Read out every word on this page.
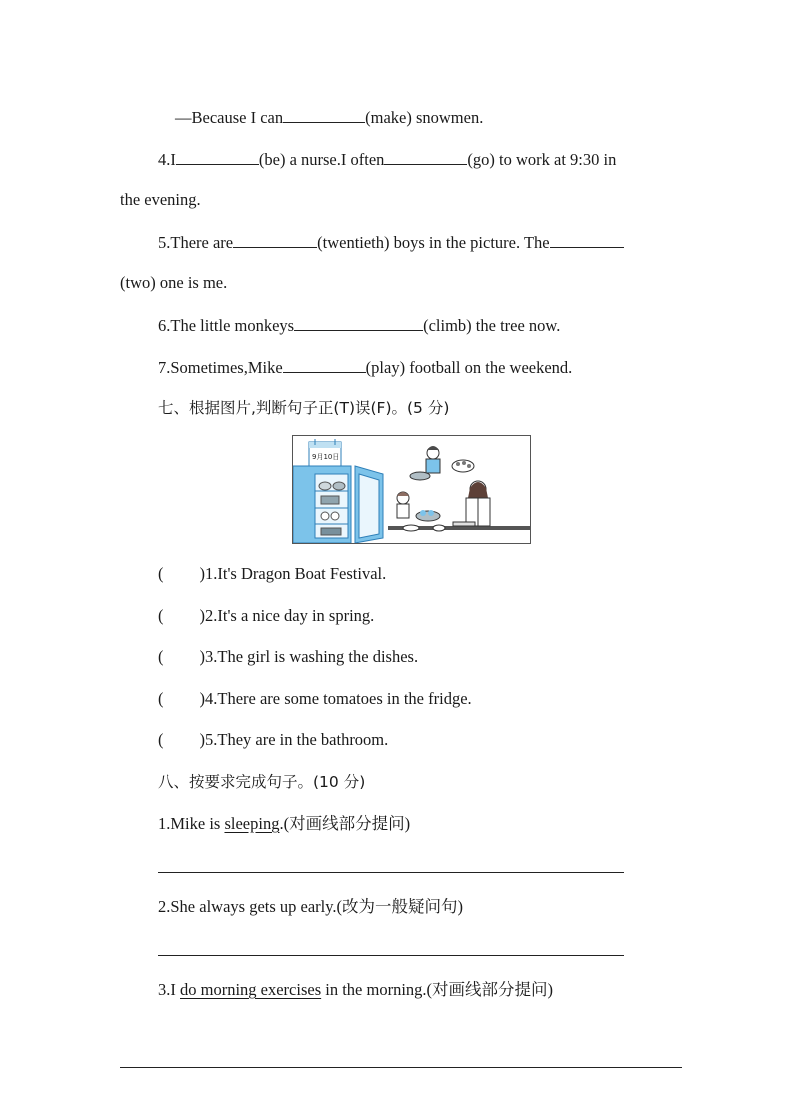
—Because I can	(make) snowmen.
4.I	(be) a nurse.I often	(go) to work at 9:30 in
the evening.
5.There are	(twentieth) boys in the picture. The
(two) one is me.
6.The little monkeys	(climb) the tree now.
7.Sometimes,Mike	(play) football on the weekend.
七、根据图片,判断句子正(T)误(F)。(5 分)
9月10日
( )1.It's Dragon Boat Festival.
( )2.It's a nice day in spring.
( )3.The girl is washing the dishes.
( )4.There are some tomatoes in the fridge.
( )5.They are in the bathroom.
八、按要求完成句子。(10 分)
1.Mike is sleeping.(对画线部分提问)
2.She always gets up early.(改为一般疑问句)
3.I do morning exercises in the morning.(对画线部分提问)
